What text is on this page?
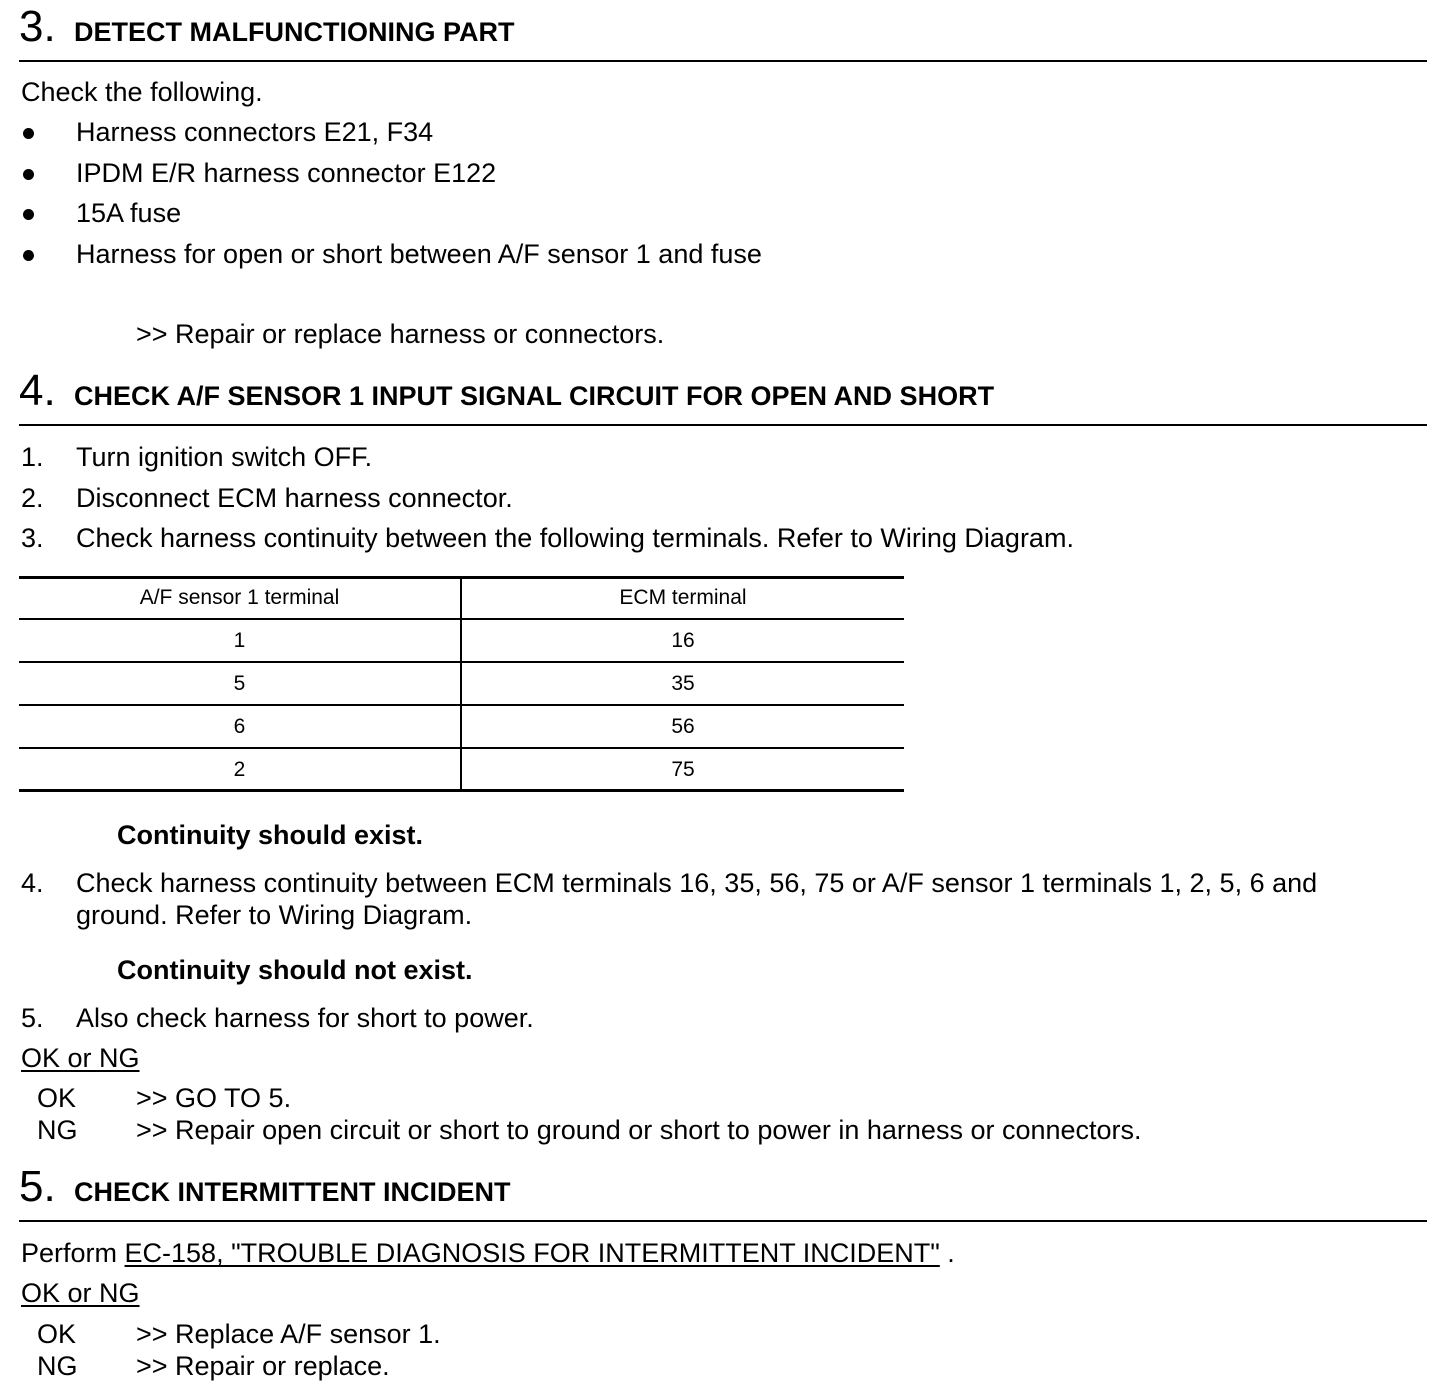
3. DETECT MALFUNCTIONING PART
Check the following.
Harness connectors E21, F34
IPDM E/R harness connector E122
15A fuse
Harness for open or short between A/F sensor 1 and fuse
>> Repair or replace harness or connectors.
4. CHECK A/F SENSOR 1 INPUT SIGNAL CIRCUIT FOR OPEN AND SHORT
1. Turn ignition switch OFF.
2. Disconnect ECM harness connector.
3. Check harness continuity between the following terminals. Refer to Wiring Diagram.
A/F sensor 1 terminal	ECM terminal
1	16
5	35
6	56
2	75
Continuity should exist.
4. Check harness continuity between ECM terminals 16, 35, 56, 75 or A/F sensor 1 terminals 1, 2, 5, 6 and
ground. Refer to Wiring Diagram.
Continuity should not exist.
5. Also check harness for short to power.
OK or NG
OK >> GO TO 5.
NG >> Repair open circuit or short to ground or short to power in harness or connectors.
5. CHECK INTERMITTENT INCIDENT
Perform EC-158, "TROUBLE DIAGNOSIS FOR INTERMITTENT INCIDENT" .
OK or NG
OK >> Replace A/F sensor 1.
NG >> Repair or replace.
